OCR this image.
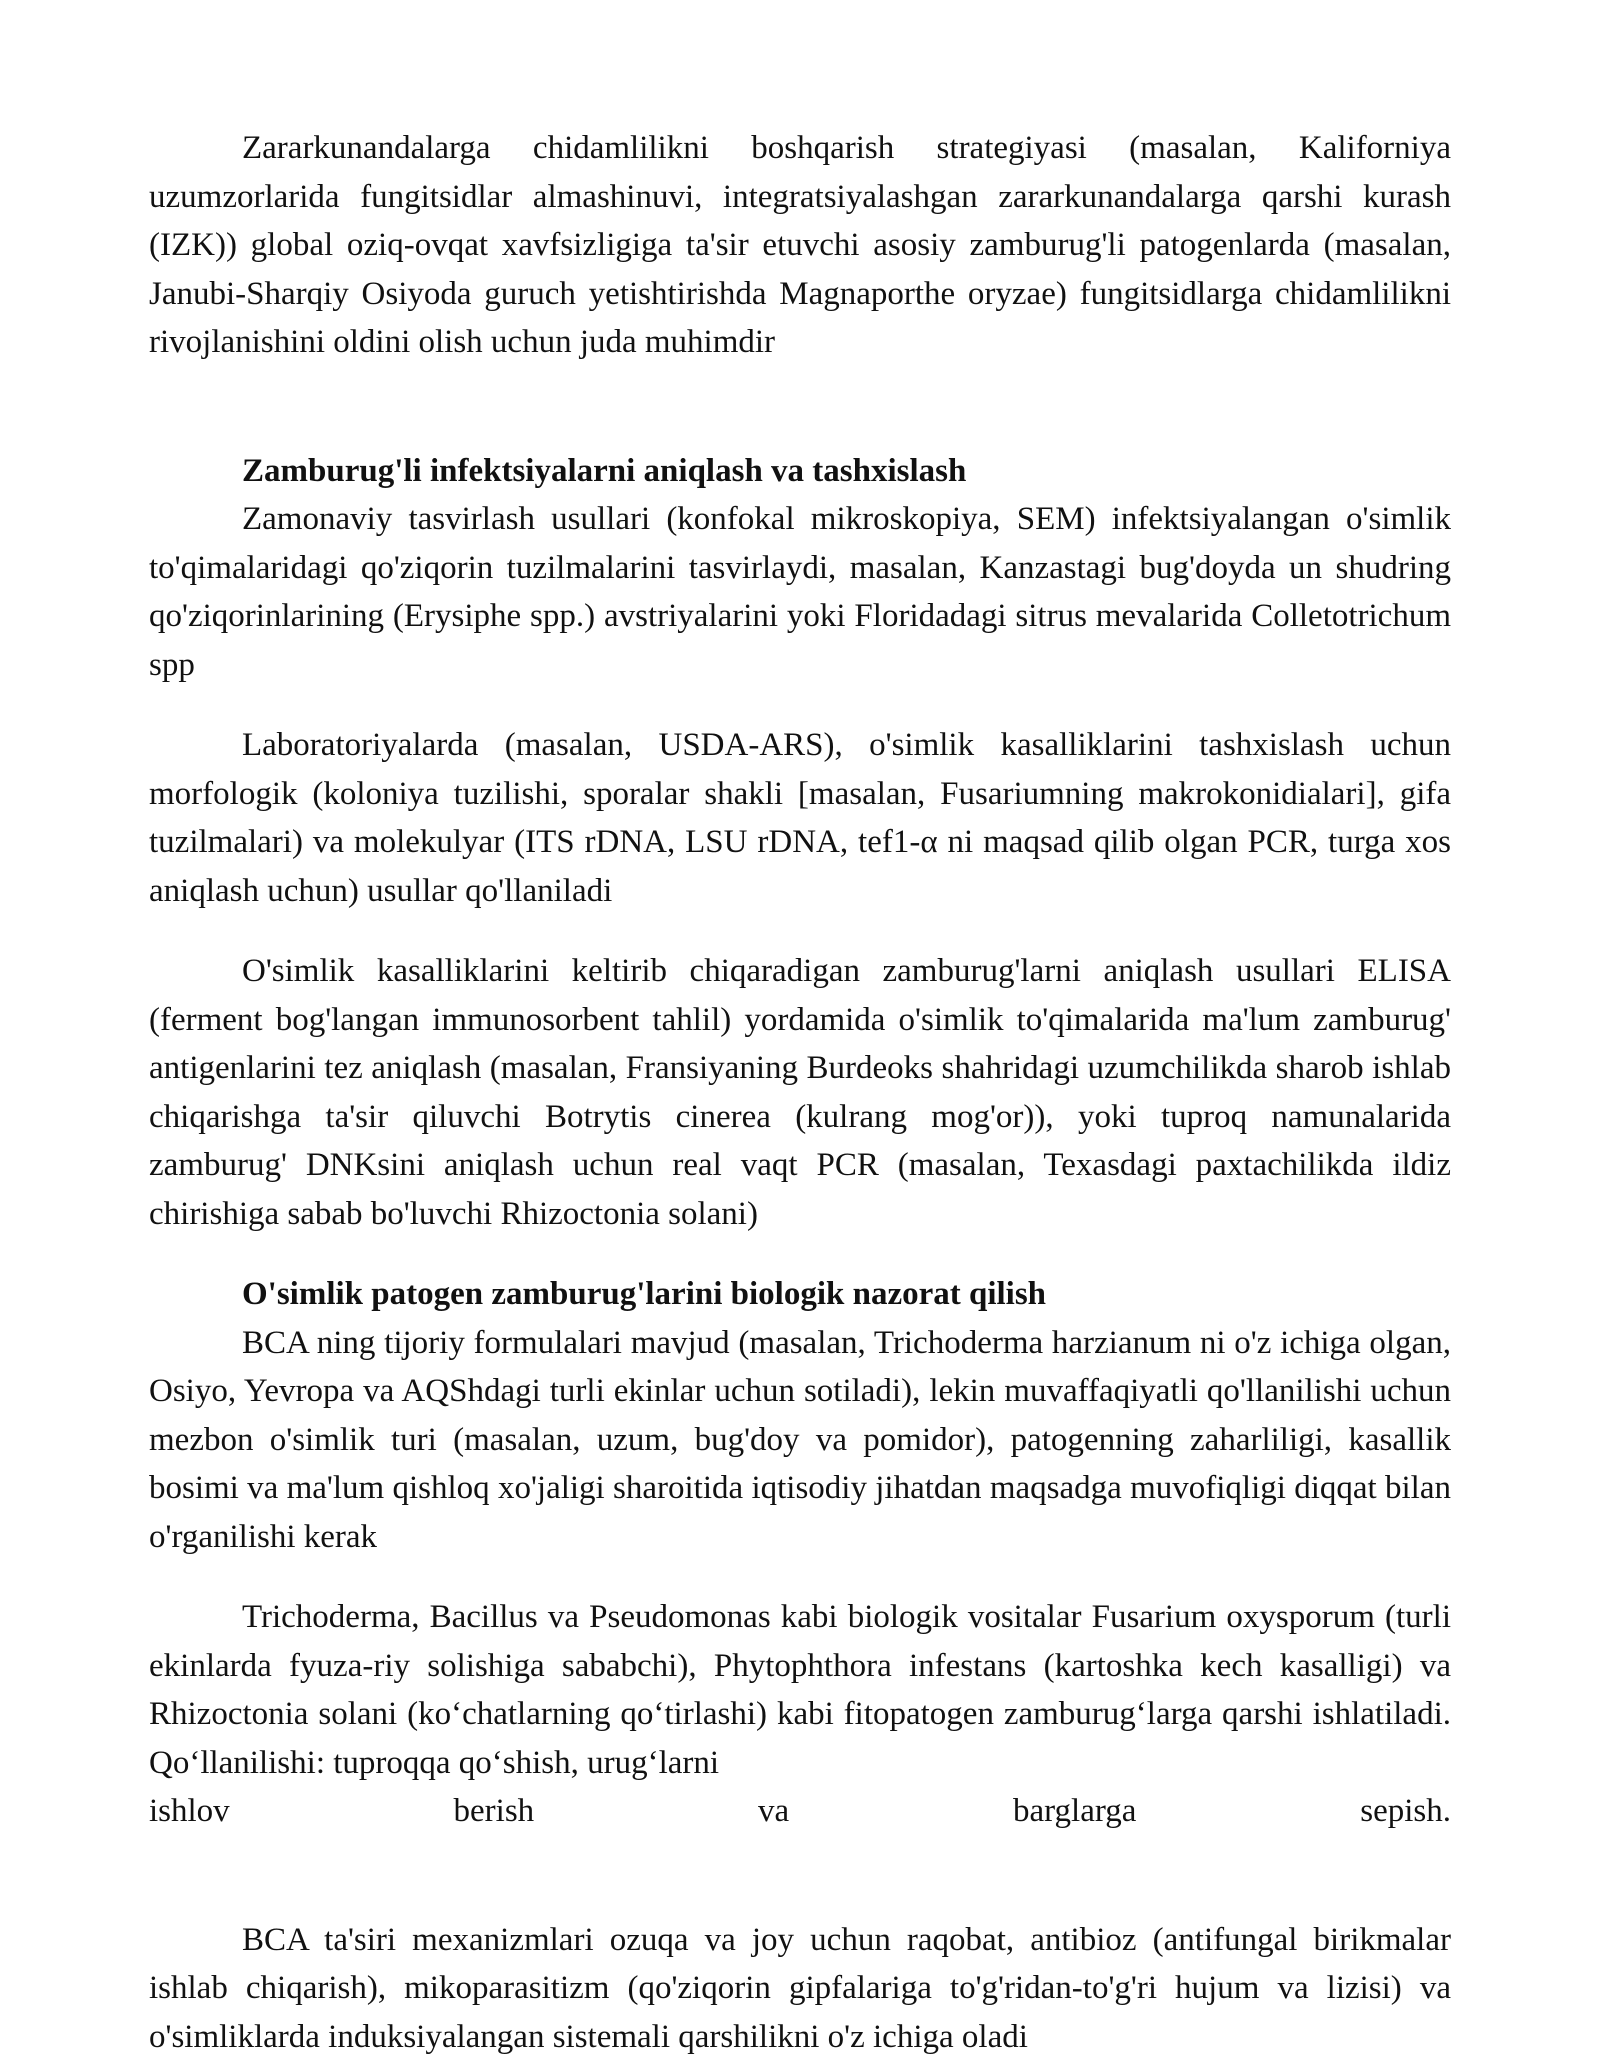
Zararkunandalarga chidamlilikni boshqarish strategiyasi (masalan, Kaliforniya uzumzorlarida fungitsidlar almashinuvi, integratsiyalashgan zararkunandalarga qarshi kurash (IZK)) global oziq-ovqat xavfsizligiga ta'sir etuvchi asosiy zamburug'li patogenlarda (masalan, Janubi-Sharqiy Osiyoda guruch yetishtirishda Magnaporthe oryzae) fungitsidlarga chidamlilikni rivojlanishini oldini olish uchun juda muhimdir

Zamburug'li infektsiyalarni aniqlash va tashxislash

Zamonaviy tasvirlash usullari (konfokal mikroskopiya, SEM) infektsiyalangan o'simlik to'qimalaridagi qo'ziqorin tuzilmalarini tasvirlaydi, masalan, Kanzastagi bug'doyda un shudring qo'ziqorinlarining (Erysiphe spp.) avstriyalarini yoki Floridadagi sitrus mevalarida Colletotrichum spp

Laboratoriyalarda (masalan, USDA-ARS), o'simlik kasalliklarini tashxislash uchun morfologik (koloniya tuzilishi, sporalar shakli [masalan, Fusariumning makrokonidialari], gifa tuzilmalari) va molekulyar (ITS rDNA, LSU rDNA, tef1-α ni maqsad qilib olgan PCR, turga xos aniqlash uchun) usullar qo'llaniladi

O'simlik kasalliklarini keltirib chiqaradigan zamburug'larni aniqlash usullari ELISA (ferment bog'langan immunosorbent tahlil) yordamida o'simlik to'qimalarida ma'lum zamburug' antigenlarini tez aniqlash (masalan, Fransiyaning Burdeoks shahridagi uzumchilikda sharob ishlab chiqarishga ta'sir qiluvchi Botrytis cinerea (kulrang mog'or)), yoki tuproq namunalarida zamburug' DNKsini aniqlash uchun real vaqt PCR (masalan, Texasdagi paxtachilikda ildiz chirishiga sabab bo'luvchi Rhizoctonia solani)

O'simlik patogen zamburug'larini biologik nazorat qilish

BCA ning tijoriy formulalari mavjud (masalan, Trichoderma harzianum ni o'z ichiga olgan, Osiyo, Yevropa va AQShdagi turli ekinlar uchun sotiladi), lekin muvaffaqiyatli qo'llanilishi uchun mezbon o'simlik turi (masalan, uzum, bug'doy va pomidor), patogenning zaharliligi, kasallik bosimi va ma'lum qishloq xo'jaligi sharoitida iqtisodiy jihatdan maqsadga muvofiqligi diqqat bilan o'rganilishi kerak

Trichoderma, Bacillus va Pseudomonas kabi biologik vositalar Fusarium oxysporum (turli ekinlarda fyuza-riy solishiga sababchi), Phytophthora infestans (kartoshka kech kasalligi) va Rhizoctonia solani (ko‘chatlarning qo‘tirlashi) kabi fitopatogen zamburug‘larga qarshi ishlatiladi. Qo‘llanilishi: tuproqqa qo‘shish, urug‘larni

ishlov berish va barglarga sepish.

BCA ta'siri mexanizmlari ozuqa va joy uchun raqobat, antibioz (antifungal birikmalar ishlab chiqarish), mikoparasitizm (qo'ziqorin gipfalariga to'g'ridan-to'g'ri hujum va lizisi) va o'simliklarda induksiyalangan sistemali qarshilikni o'z ichiga oladi
